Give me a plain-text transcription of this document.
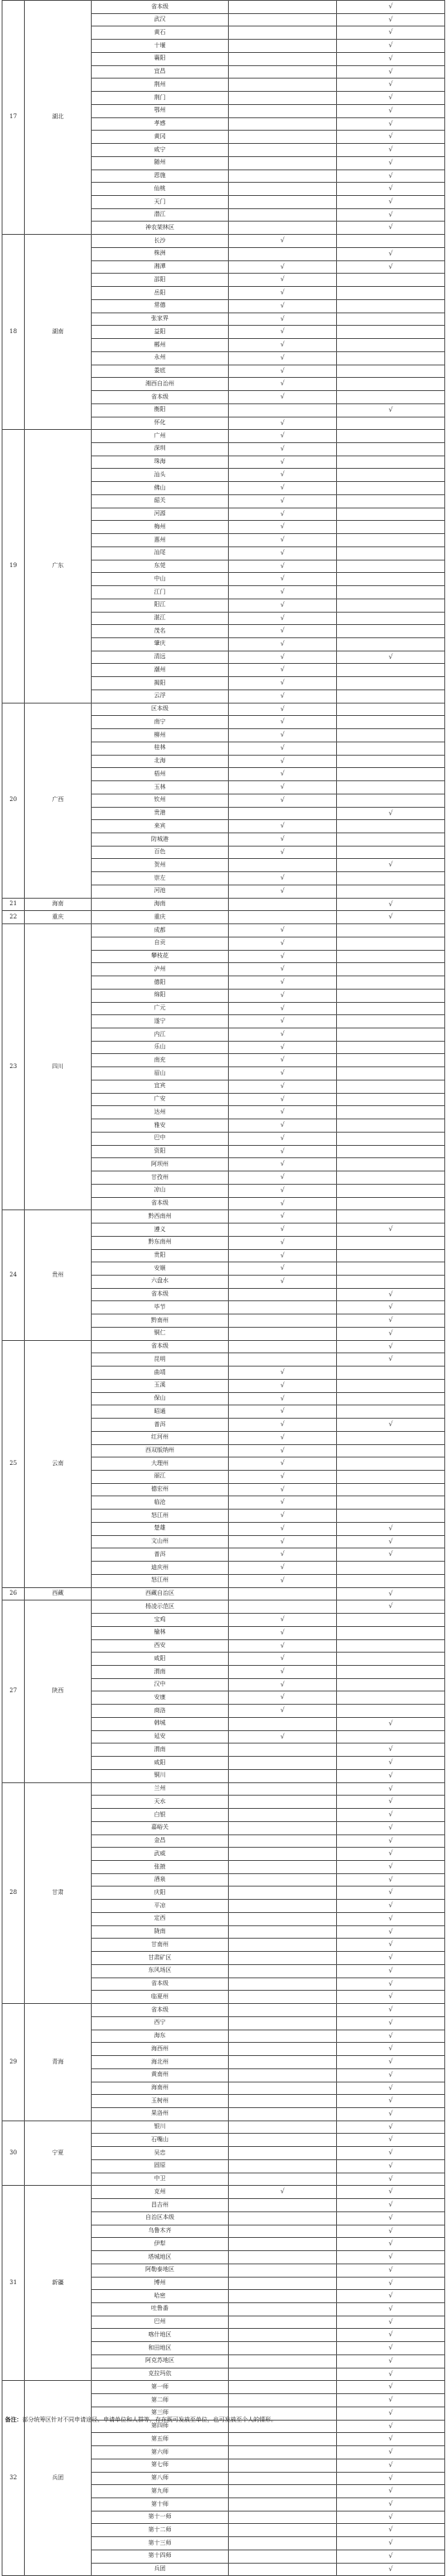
17	湖北	省本级		√
		武汉		√
		黄石		√
		十堰		√
		襄阳		√
		宜昌		√
		荆州		√
		荆门		√
		鄂州		√
		孝感		√
		黄冈		√
		咸宁		√
		随州		√
		恩施		√
		仙桃		√
		天门		√
		潜江		√
		神农架林区		√
18	湖南	长沙	√	
		株洲		√
		湘潭	√	√
		邵阳	√	
		岳阳	√	
		常德	√	
		张家界	√	
		益阳	√	
		郴州	√	
		永州	√	
		娄底	√	
		湘西自治州	√	
		省本级	√	
		衡阳		√
		怀化	√	
19	广东	广州	√	
		深圳	√	
		珠海	√	
		汕头	√	
		佛山	√	
		韶关	√	
		河源	√	
		梅州	√	
		惠州	√	
		汕尾	√	
		东莞	√	
		中山	√	
		江门	√	
		阳江	√	
		湛江	√	
		茂名	√	
		肇庆	√	
		清远	√	√
		潮州	√	
		揭阳	√	
		云浮	√	
20	广西	区本级	√	
		南宁	√	
		柳州	√	
		桂林	√	
		北海	√	
		梧州	√	
		玉林	√	
		钦州	√	
		贵港		√
		来宾	√	
		防城港	√	
		百色	√	
		贺州		√
		崇左	√	
		河池	√	
21	海南	海南		√
22	重庆	重庆		√
23	四川	成都	√	
		自贡	√	
		攀枝花	√	
		泸州	√	
		德阳	√	
		绵阳	√	
		广元	√	
		遂宁	√	
		内江	√	
		乐山	√	
		南充	√	
		眉山	√	
		宜宾	√	
		广安	√	
		达州	√	
		雅安	√	
		巴中	√	
		资阳	√	
		阿坝州	√	
		甘孜州	√	
		凉山	√	
		省本级	√	
24	贵州	黔西南州	√	
		遵义	√	√
		黔东南州	√	
		贵阳	√	
		安顺	√	
		六盘水	√	
		省本级		√
		毕节		√
		黔南州		√
		铜仁		√
25	云南	省本级		√
		昆明		√
		曲靖	√	
		玉溪	√	
		保山	√	
		昭通	√	
		普洱	√	√
		红河州	√	
		西双版纳州	√	
		大理州	√	
		丽江	√	
		德宏州	√	
		临沧	√	
		怒江州	√	
		楚雄	√	√
		文山州	√	√
		普洱	√	√
		迪庆州	√	
		怒江州	√	
26	西藏	西藏自治区		√
27	陕西	杨凌示范区		√
		宝鸡	√	
		榆林	√	
		西安	√	
		咸阳	√	
		渭南	√	
		汉中	√	
		安康	√	
		商洛	√	
		韩城		√
		延安	√	
		渭南		√
		咸阳		√
		铜川		√
28	甘肃	兰州		√
		天水		√
		白银		√
		嘉峪关		√
		金昌		√
		武威		√
		张掖		√
		酒泉		√
		庆阳		√
		平凉		√
		定西		√
		陇南		√
		甘南州		√
		甘肃矿区		√
		东风场区		√
		省本级		√
		临夏州		√
29	青海	省本级		√
		西宁		√
		海东		√
		海西州		√
		海北州		√
		黄南州		√
		海南州		√
		玉树州		√
		果洛州		√
30	宁夏	银川		√
		石嘴山		√
		吴忠		√
		固原		√
		中卫		√
31	新疆	克州	√	√
		昌吉州		√
		自治区本级		√
		乌鲁木齐		√
		伊犁		√
		塔城地区		√
		阿勒泰地区		√
		博州		√
		哈密		√
		吐鲁番		√
		巴州		√
		喀什地区		√
		和田地区		√
		阿克苏地区		√
		克拉玛依		√
32	兵团	第一师		√
		第二师		√
		第三师		√
		第四师		√
		第五师		√
		第六师		√
		第七师		√
		第八师		√
		第九师		√
		第十师		√
		第十一师		√
		第十二师		√
		第十三师		√
		第十四师		√
		兵团		√
备注：部分统筹区针对不同申请途径、申请单位和人群等，存在既可发放至单位，也可发放至个人的情形。
